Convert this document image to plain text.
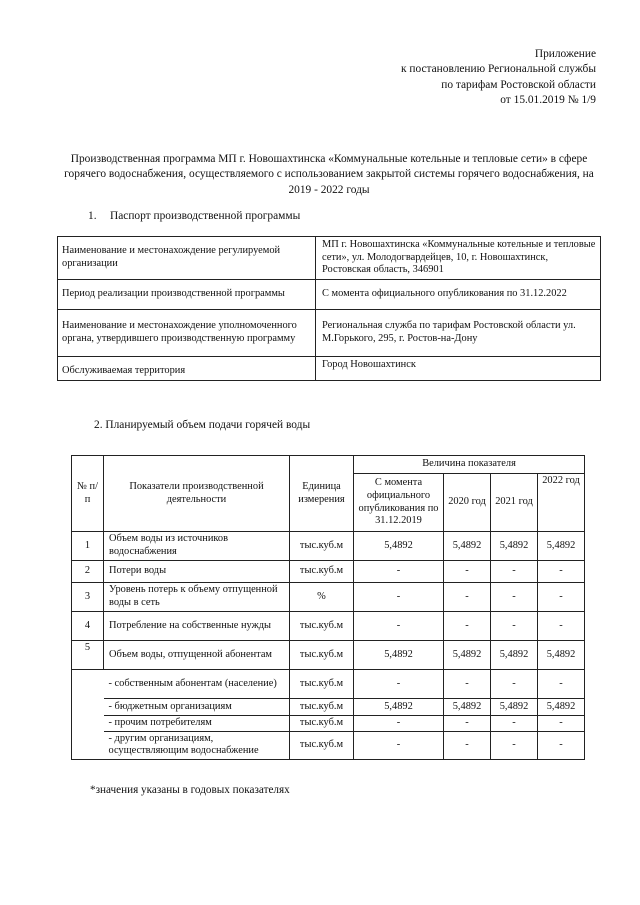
Приложение
к постановлению Региональной службы
по тарифам Ростовской области
от 15.01.2019 № 1/9
Производственная программа МП г. Новошахтинска «Коммунальные котельные и тепловые сети» в сфере горячего водоснабжения, осуществляемого с использованием закрытой системы горячего водоснабжения, на 2019 - 2022 годы
1. Паспорт производственной программы
Наименование и местонахождение регулируемой организации	МП г. Новошахтинска «Коммунальные котельные и тепловые сети», ул. Молодогвардейцев, 10, г. Новошахтинск, Ростовская область, 346901
Период реализации производственной программы	С момента официального опубликования по 31.12.2022
Наименование и местонахождение уполномоченного органа, утвердившего производственную программу	Региональная служба по тарифам Ростовской области ул. М.Горького, 295, г. Ростов-на-Дону
Обслуживаемая территория	Город Новошахтинск
2. Планируемый объем подачи горячей воды
№ п/п	Показатели производственной деятельности	Единица измерения	Величина показателя			
			С момента официального опубликования по 31.12.2019	2020 год	2021 год	2022 год
1	Объем воды из источников водоснабжения	тыс.куб.м	5,4892	5,4892	5,4892	5,4892
2	Потери воды	тыс.куб.м	-	-	-	-
3	Уровень потерь к объему отпущенной воды в сеть	%	-	-	-	-
4	Потребление на собственные нужды	тыс.куб.м	-	-	-	-
5	Объем воды, отпущенной абонентам	тыс.куб.м	5,4892	5,4892	5,4892	5,4892
	- собственным абонентам (население)	тыс.куб.м	-	-	-	-
	- бюджетным организациям	тыс.куб.м	5,4892	5,4892	5,4892	5,4892
	- прочим потребителям	тыс.куб.м	-	-	-	-
	- другим организациям, осуществляющим водоснабжение	тыс.куб.м	-	-	-	-
*значения указаны в годовых показателях
